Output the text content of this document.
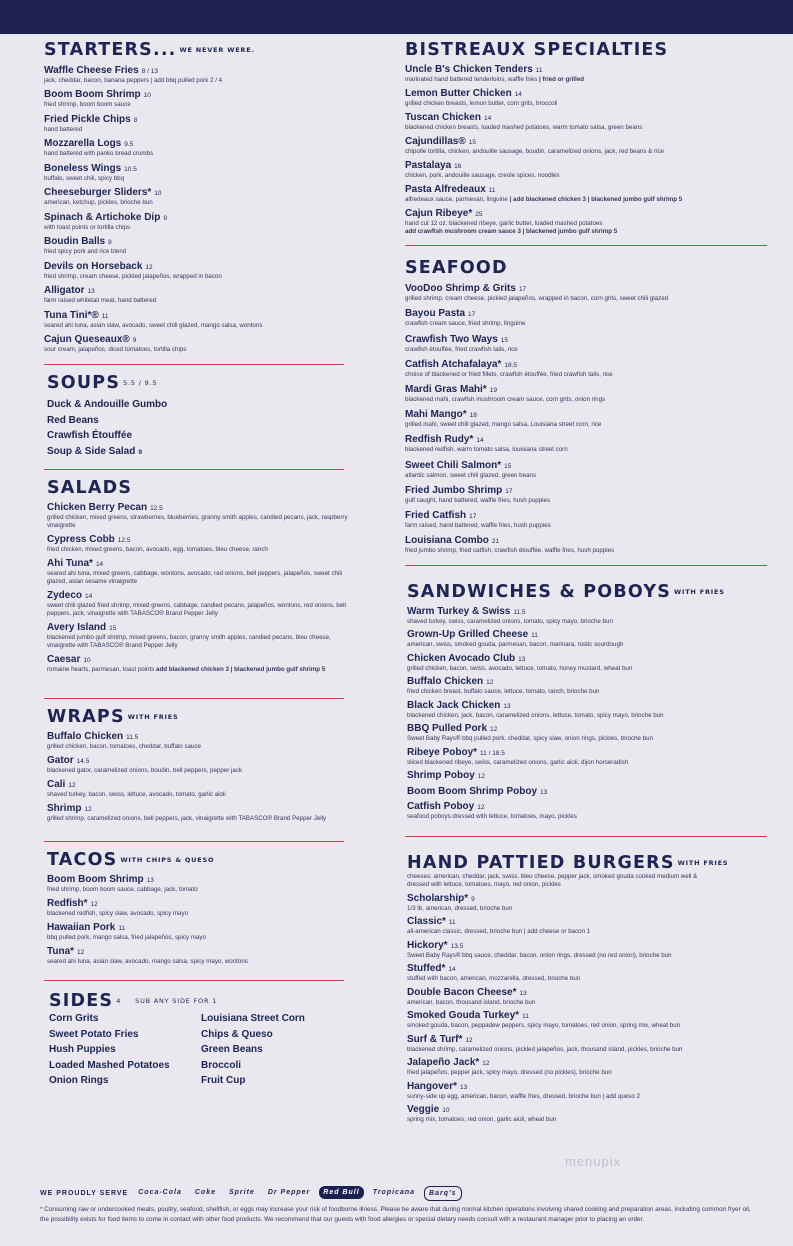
STARTERS... WE NEVER WERE.
Waffle Cheese Fries 8 / 13
jack, cheddar, bacon, banana peppers | add bbq pulled pork 2 / 4
Boom Boom Shrimp 10
fried shrimp, boom boom sauce
Fried Pickle Chips 8
hand battered
Mozzarella Logs 9.5
hand battered with panko bread crumbs
Boneless Wings 10.5
buffalo, sweet chili, spicy bbq
Cheeseburger Sliders* 10
american, ketchup, pickles, brioche bun
Spinach & Artichoke Dip 9
with toast points or tortilla chips
Boudin Balls 8
fried spicy pork and rice blend
Devils on Horseback 12
fried shrimp, cream cheese, pickled jalapeños, wrapped in bacon
Alligator 13
farm raised whitetail meat, hand battered
Tuna Tini*® 11
seared ahi tuna, asian slaw, avocado, sweet chili glazed, mango salsa, wontons
Cajun Queseaux® 9
sour cream, jalapeños, diced tomatoes, tortilla chips
SOUPS 5.5 / 9.5
Duck & Andouille Gumbo
Red Beans
Crawfish Étouffée
Soup & Side Salad 9
SALADS
Chicken Berry Pecan 12.5
grilled chicken, mixed greens, strawberries, blueberries, granny smith apples, candied pecans, jack, raspberry vinaigrette
Cypress Cobb 12.5
fried chicken, mixed greens, bacon, avocado, egg, tomatoes, bleu cheese, ranch
Ahi Tuna* 14
seared ahi tuna, mixed greens, cabbage, wontons, avocado, red onions, bell peppers, jalapeños, sweet chili glazed, asian sesame vinaigrette
Zydeco 14
sweet chili glazed fried shrimp, mixed greens, cabbage, candied pecans, jalapeños, wontons, red onions, bell peppers, jack, vinaigrette with TABASCO® Brand Pepper Jelly
Avery Island 15
blackened jumbo gulf shrimp, mixed greens, bacon, granny smith apples, candied pecans, bleu cheese, vinaigrette with TABASCO® Brand Pepper Jelly
Caesar 10
romaine hearts, parmesan, toast points add blackened chicken 3 | blackened jumbo gulf shrimp 5
WRAPS WITH FRIES
Buffalo Chicken 11.5
grilled chicken, bacon, tomatoes, cheddar, buffalo sauce
Gator 14.5
blackened gator, caramelized onions, boudin, bell peppers, pepper jack
Cali 12
shaved turkey, bacon, swiss, lettuce, avocado, tomato, garlic aioli
Shrimp 12
grilled shrimp, caramelized onions, bell peppers, jack, vinaigrette with TABASCO® Brand Pepper Jelly
TACOS WITH CHIPS & QUESO
Boom Boom Shrimp 13
fried shrimp, boom boom sauce, cabbage, jack, tomato
Redfish* 12
blackened redfish, spicy slaw, avocado, spicy mayo
Hawaiian Pork 11
bbq pulled pork, mango salsa, fried jalapeños, spicy mayo
Tuna* 12
seared ahi tuna, asian slaw, avocado, mango salsa, spicy mayo, wontons
SIDES 4 SUB ANY SIDE FOR 1
Corn Grits
Sweet Potato Fries
Hush Puppies
Loaded Mashed Potatoes
Onion Rings
Louisiana Street Corn
Chips & Queso
Green Beans
Broccoli
Fruit Cup
BISTREAUX SPECIALTIES
Uncle B's Chicken Tenders 11
marinated hand battered tenderloins, waffle fries | fried or grilled
Lemon Butter Chicken 14
grilled chicken breasts, lemon butter, corn grits, broccoli
Tuscan Chicken 14
blackened chicken breasts, loaded mashed potatoes, warm tomato salsa, green beans
Cajundillas® 15
chipotle tortilla, chicken, andouille sausage, boudin, caramelized onions, jack, red beans & rice
Pastalaya 16
chicken, pork, andouille sausage, creole spices, noodles
Pasta Alfredeaux 11
alfredeaux sauce, parmesan, linguine | add blackened chicken 3 | blackened jumbo gulf shrimp 5
Cajun Ribeye* 25
hand cut 12 oz. blackened ribeye, garlic butter, loaded mashed potatoes
add crawfish mushroom cream sauce 3 | blackened jumbo gulf shrimp 5
SEAFOOD
VooDoo Shrimp & Grits 17
grilled shrimp, cream cheese, pickled jalapeños, wrapped in bacon, corn grits, sweet chili glazed
Bayou Pasta 17
crawfish cream sauce, fried shrimp, linguine
Crawfish Two Ways 15
crawfish étouffée, fried crawfish tails, rice
Catfish Atchafalaya* 18.5
choice of blackened or fried fillets, crawfish étouffée, fried crawfish tails, rice
Mardi Gras Mahi* 19
blackened mahi, crawfish mushroom cream sauce, corn grits, onion rings
Mahi Mango* 18
grilled mahi, sweet chili glazed, mango salsa, Louisiana street corn, rice
Redfish Rudy* 14
blackened redfish, warm tomato salsa, louisiana street corn
Sweet Chili Salmon* 15
atlantic salmon, sweet chili glazed, green beans
Fried Jumbo Shrimp 17
gulf caught, hand battered, waffle fries, hush puppies
Fried Catfish 17
farm raised, hand battered, waffle fries, hush puppies
Louisiana Combo 21
fried jumbo shrimp, fried catfish, crawfish étouffée, waffle fries, hush puppies
SANDWICHES & POBOYS WITH FRIES
Warm Turkey & Swiss 11.5
shaved turkey, swiss, caramelized onions, tomato, spicy mayo, brioche bun
Grown-Up Grilled Cheese 11
american, swiss, smoked gouda, parmesan, bacon, marinara, rustic sourdough
Chicken Avocado Club 13
grilled chicken, bacon, swiss, avocado, lettuce, tomato, honey mustard, wheat bun
Buffalo Chicken 12
fried chicken breast, buffalo sauce, lettuce, tomato, ranch, brioche bun
Black Jack Chicken 13
blackened chicken, jack, bacon, caramelized onions, lettuce, tomato, spicy mayo, brioche bun
BBQ Pulled Pork 12
Sweet Baby Rays® bbq pulled pork, cheddar, spicy slaw, onion rings, pickles, brioche bun
Ribeye Poboy* 11 / 18.5
sliced blackened ribeye, swiss, caramelized onions, garlic aioli, dijon horseradish
Shrimp Poboy 12
Boom Boom Shrimp Poboy 13
Catfish Poboy 12
seafood poboys dressed with lettuce, tomatoes, mayo, pickles
HAND PATTIED BURGERS WITH FRIES
cheeses: american, cheddar, jack, swiss, bleu cheese, pepper jack, smoked gouda cooked medium well & dressed with lettuce, tomatoes, mayo, red onion, pickles
Scholarship* 9
1/3 lb, american, dressed, brioche bun
Classic* 11
all-american classic, dressed, brioche bun | add cheese or bacon 1
Hickory* 13.5
Sweet Baby Rays® bbq sauce, cheddar, bacon, onion rings, dressed (no red onion), brioche bun
Stuffed* 14
stuffed with bacon, american, mozzarella, dressed, brioche bun
Double Bacon Cheese* 13
american, bacon, thousand island, brioche bun
Smoked Gouda Turkey* 11
smoked gouda, bacon, peppadew peppers, spicy mayo, tomatoes, red onion, spring mix, wheat bun
Surf & Turf* 12
blackened shrimp, caramelized onions, pickled jalapeños, jack, thousand island, pickles, brioche bun
Jalapeño Jack* 12
fried jalapeños, pepper jack, spicy mayo, dressed (no pickles), brioche bun
Hangover* 13
sunny-side up egg, american, bacon, waffle fries, dressed, brioche bun | add queso 2
Veggie 10
spring mix, tomatoes, red onion, garlic aioli, wheat bun
menupix
WE PROUDLY SERVE	Coca-Cola	Coke	Sprite	Dr Pepper	Red Bull	Tropicana	Barq's
* Consuming raw or undercooked meats, poultry, seafood, shellfish, or eggs may increase your risk of foodborne illness. Please be aware that during normal kitchen operations involving shared cooking and preparation areas, including common fryer oil, the possibility exists for food items to come in contact with other food products. We recommend that our guests with food allergies or special dietary needs consult with a restaurant manager prior to placing an order.
